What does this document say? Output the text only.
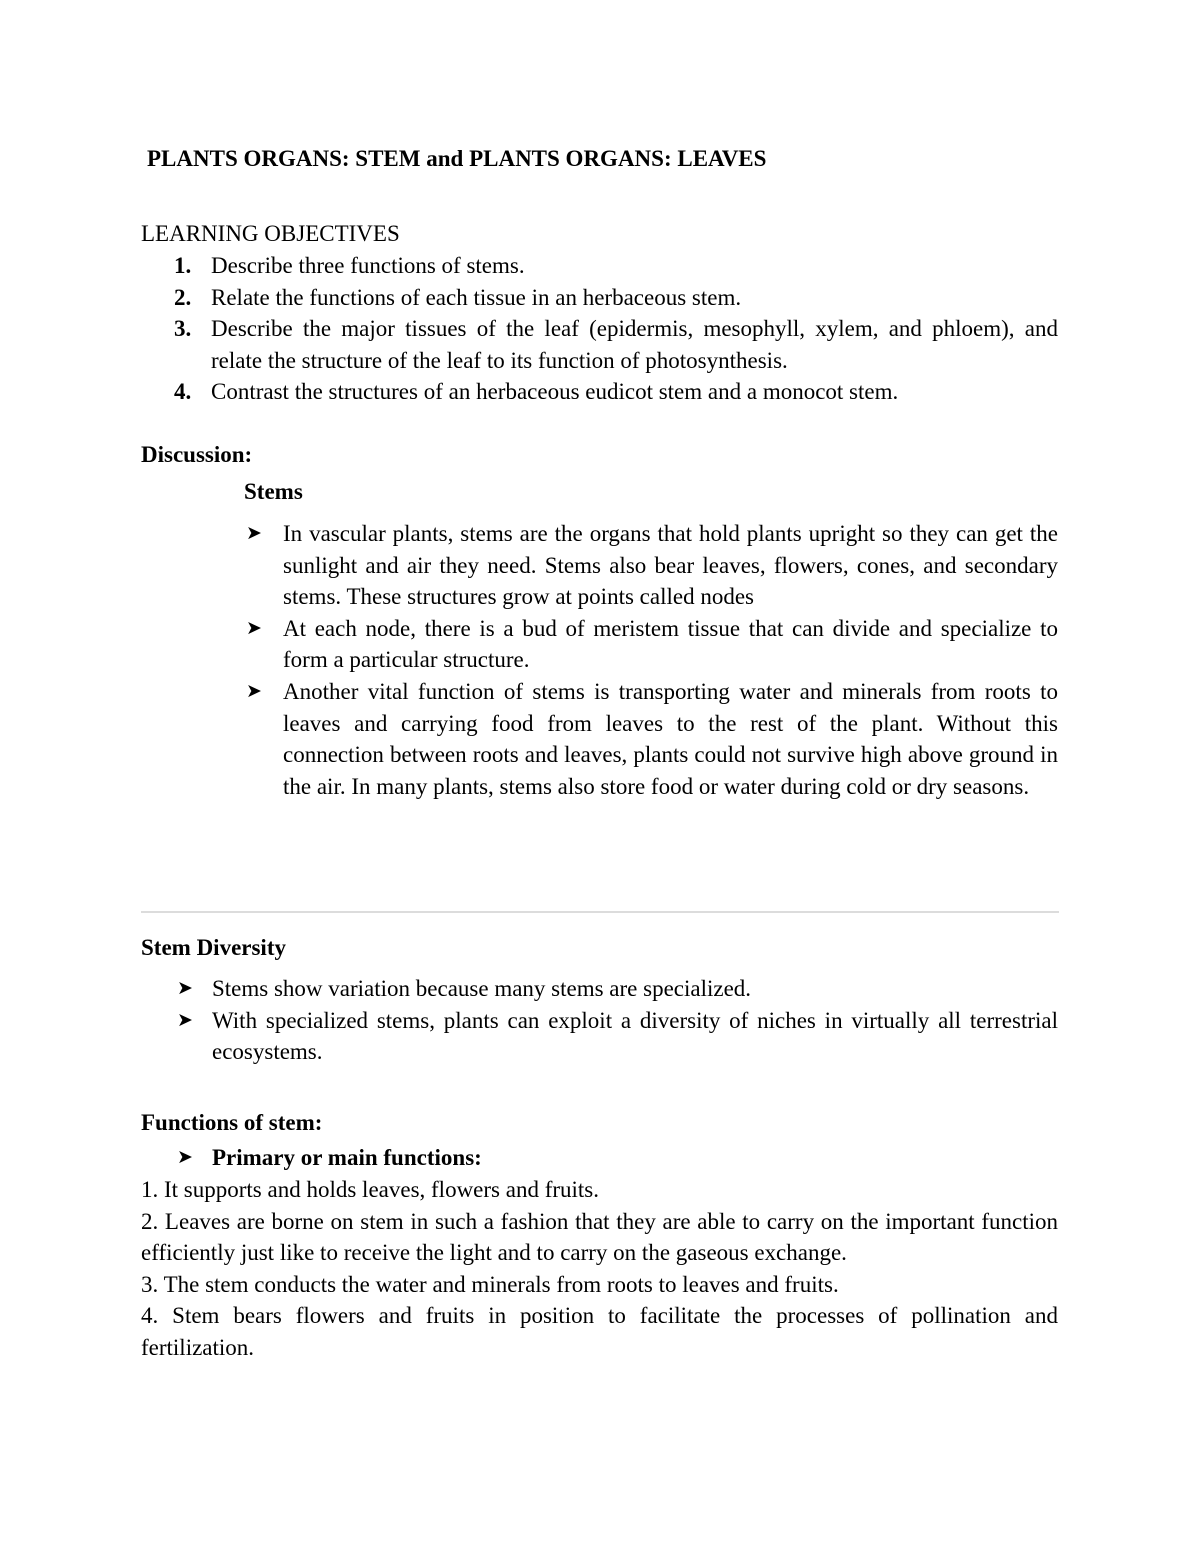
PLANTS ORGANS: STEM and PLANTS ORGANS: LEAVES
LEARNING OBJECTIVES
1. Describe three functions of stems.
2. Relate the functions of each tissue in an herbaceous stem.
3. Describe the major tissues of the leaf (epidermis, mesophyll, xylem, and phloem), and relate the structure of the leaf to its function of photosynthesis.
4. Contrast the structures of an herbaceous eudicot stem and a monocot stem.
Discussion:
Stems
➤ In vascular plants, stems are the organs that hold plants upright so they can get the sunlight and air they need. Stems also bear leaves, flowers, cones, and secondary stems. These structures grow at points called nodes
➤ At each node, there is a bud of meristem tissue that can divide and specialize to form a particular structure.
➤ Another vital function of stems is transporting water and minerals from roots to leaves and carrying food from leaves to the rest of the plant. Without this connection between roots and leaves, plants could not survive high above ground in the air. In many plants, stems also store food or water during cold or dry seasons.
Stem Diversity
➤ Stems show variation because many stems are specialized.
➤ With specialized stems, plants can exploit a diversity of niches in virtually all terrestrial ecosystems.
Functions of stem:
➤ Primary or main functions:
1. It supports and holds leaves, flowers and fruits.
2. Leaves are borne on stem in such a fashion that they are able to carry on the important function efficiently just like to receive the light and to carry on the gaseous exchange.
3. The stem conducts the water and minerals from roots to leaves and fruits.
4. Stem bears flowers and fruits in position to facilitate the processes of pollination and fertilization.
